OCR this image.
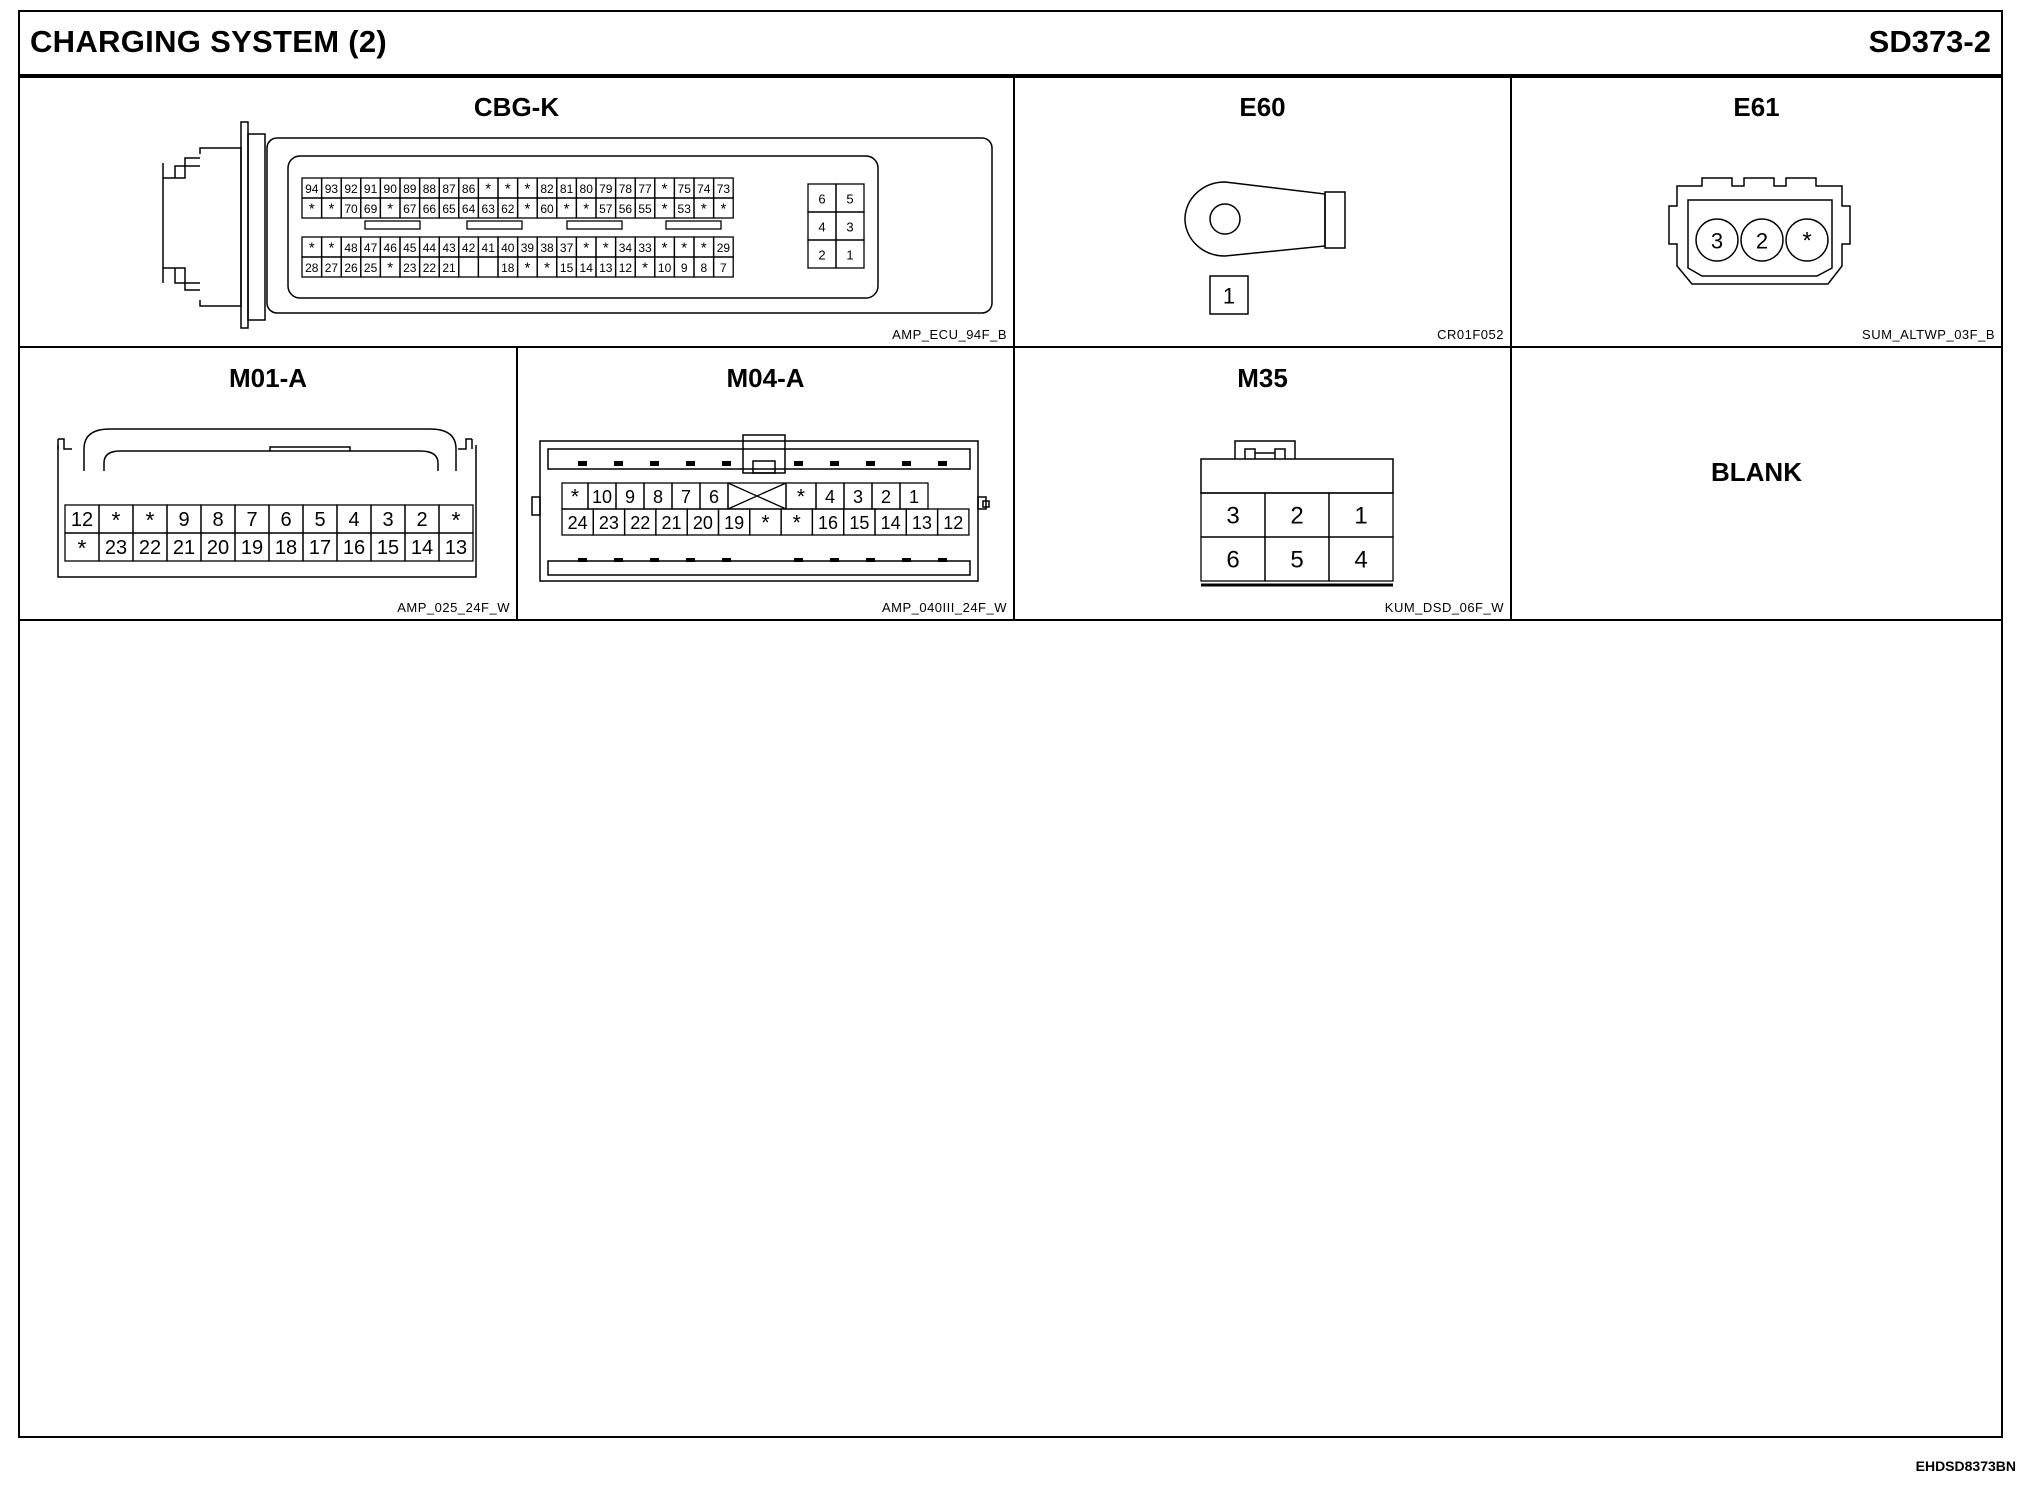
CHARGING SYSTEM (2)	SD373-2
CBG-K
94 93 92 91 90 89 88 87 86 * * * 82 81 80 79 78 77 * 75 74 73
* * 70 69 * 67 66 65 64 63 62 * 60 * * 57 56 55 * 53 * *
* * 48 47 46 45 44 43 42 41 40 39 38 37 * * 34 33 * * * 29
28 27 26 25 * 23 22 21	18 * * 15 14 13 12 * 10 9 8 7
6 5
4 3
2 1
AMP_ECU_94F_B
E60
1
CR01F052
E61
3 2 *
SUM_ALTWP_03F_B
M01-A
12 * * 9 8 7 6 5 4 3 2 *
* 23 22 21 20 19 18 17 16 15 14 13
AMP_025_24F_W
M04-A
* 10 9 8 7 6	* 4 3 2 1
24 23 22 21 20 19 * * 16 15 14 13 12
AMP_040III_24F_W
M35
3 2 1
6 5 4
KUM_DSD_06F_W
BLANK
EHDSD8373BN
